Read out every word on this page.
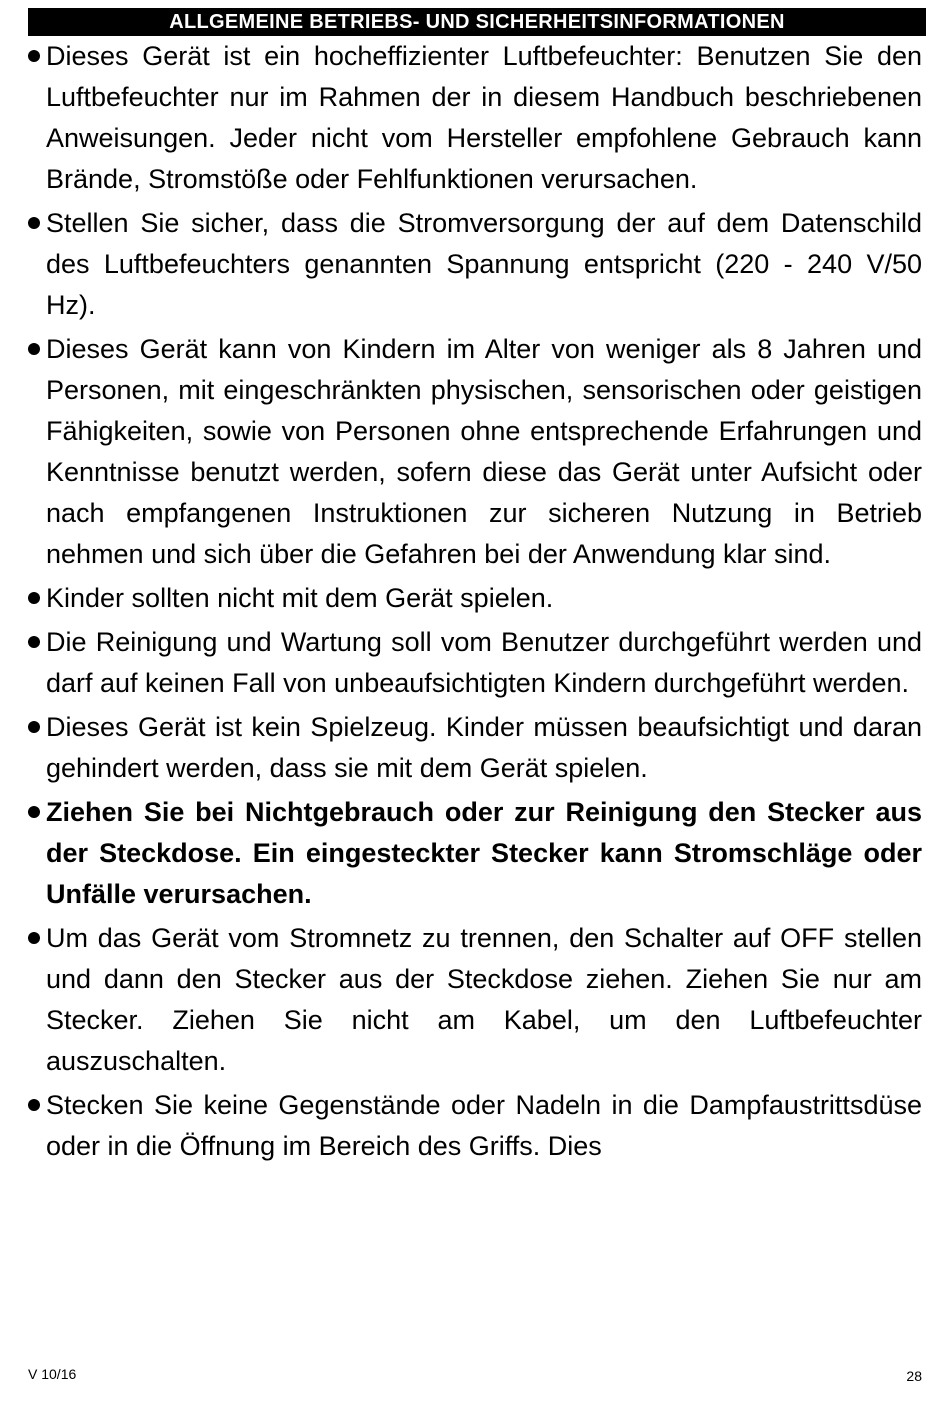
ALLGEMEINE BETRIEBS- UND SICHERHEITSINFORMATIONEN
Dieses Gerät ist ein hocheffizienter Luftbefeuchter: Benutzen Sie den Luftbefeuchter nur im Rahmen der in diesem Handbuch beschriebenen Anweisungen. Jeder nicht vom Hersteller empfohlene Gebrauch kann Brände, Stromstöße oder Fehlfunktionen verursachen.
Stellen Sie sicher, dass die Stromversorgung der auf dem Datenschild des Luftbefeuchters genannten Spannung entspricht (220 - 240 V/50 Hz).
Dieses Gerät kann von Kindern im Alter von weniger als 8 Jahren und Personen, mit eingeschränkten physischen, sensorischen oder geistigen Fähigkeiten, sowie von Personen ohne entsprechende Erfahrungen und Kenntnisse benutzt werden, sofern diese das Gerät unter Aufsicht oder nach empfangenen Instruktionen zur sicheren Nutzung in Betrieb nehmen und sich über die Gefahren bei der Anwendung klar sind.
Kinder sollten nicht mit dem Gerät spielen.
Die Reinigung und Wartung soll vom Benutzer durchgeführt werden und darf auf keinen Fall von unbeaufsichtigten Kindern durchgeführt werden.
Dieses Gerät ist kein Spielzeug. Kinder müssen beaufsichtigt und daran gehindert werden, dass sie mit dem Gerät spielen.
Ziehen Sie bei Nichtgebrauch oder zur Reinigung den Stecker aus der Steckdose. Ein eingesteckter Stecker kann Stromschläge oder Unfälle verursachen.
Um das Gerät vom Stromnetz zu trennen, den Schalter auf OFF stellen und dann den Stecker aus der Steckdose ziehen. Ziehen Sie nur am Stecker. Ziehen Sie nicht am Kabel, um den Luftbefeuchter auszuschalten.
Stecken Sie keine Gegenstände oder Nadeln in die Dampfaustrittsdüse oder in die Öffnung im Bereich des Griffs. Dies
V 10/16	28
